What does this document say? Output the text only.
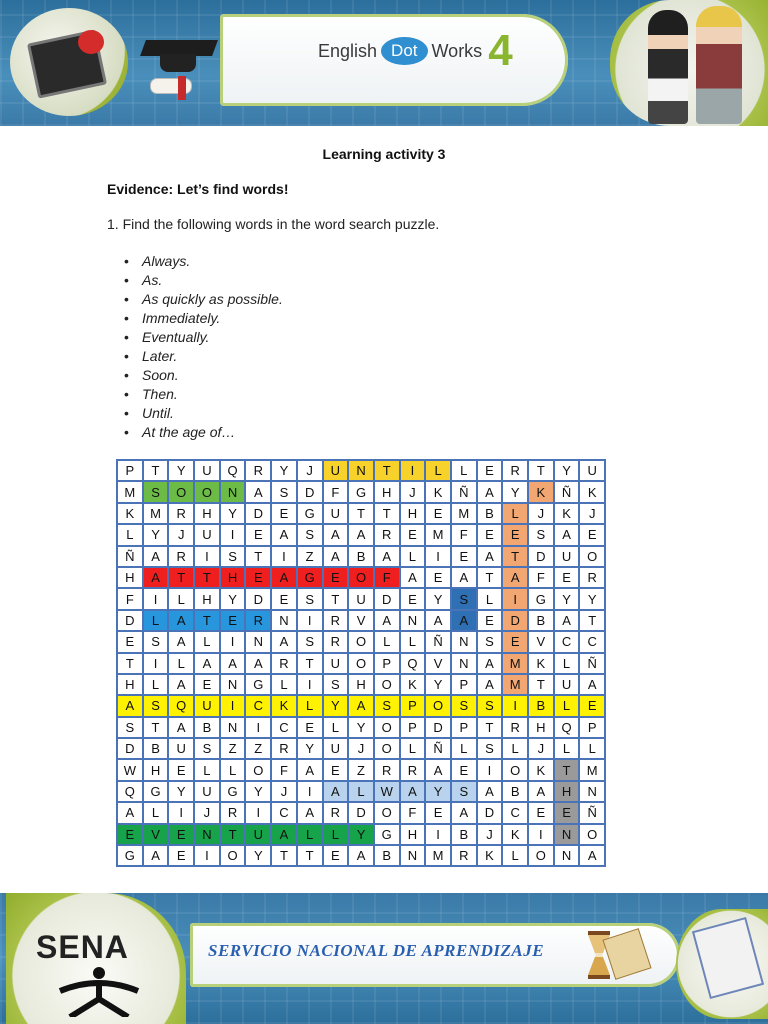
English Dot Works 4
Learning activity 3
Evidence: Let’s find words!
1. Find the following words in the word search puzzle.
• Always.
• As.
• As quickly as possible.
• Immediately.
• Eventually.
• Later.
• Soon.
• Then.
• Until.
• At the age of…
P	T	Y	U	Q	R	Y	J	U	N	T	I	L	L	E	R	T	Y	U
M	S	O	O	N	A	S	D	F	G	H	J	K	Ñ	A	Y	K	Ñ	K
K	M	R	H	Y	D	E	G	U	T	T	H	E	M	B	L	J	K	J
L	Y	J	U	I	E	A	S	A	A	R	E	M	F	E	E	S	A	E
Ñ	A	R	I	S	T	I	Z	A	B	A	L	I	E	A	T	D	U	O
H	A	T	T	H	E	A	G	E	O	F	A	E	A	T	A	F	E	R
F	I	L	H	Y	D	E	S	T	U	D	E	Y	S	L	I	G	Y	Y
D	L	A	T	E	R	N	I	R	V	A	N	A	A	E	D	B	A	T
E	S	A	L	I	N	A	S	R	O	L	L	Ñ	N	S	E	V	C	C
T	I	L	A	A	A	R	T	U	O	P	Q	V	N	A	M	K	L	Ñ
H	L	A	E	N	G	L	I	S	H	O	K	Y	P	A	M	T	U	A
A	S	Q	U	I	C	K	L	Y	A	S	P	O	S	S	I	B	L	E
S	T	A	B	N	I	C	E	L	Y	O	P	D	P	T	R	H	Q	P
D	B	U	S	Z	Z	R	Y	U	J	O	L	Ñ	L	S	L	J	L	L
W	H	E	L	L	O	F	A	E	Z	R	R	A	E	I	O	K	T	M
Q	G	Y	U	G	Y	J	I	A	L	W	A	Y	S	A	B	A	H	N
A	L	I	J	R	I	C	A	R	D	O	F	E	A	D	C	E	E	Ñ
E	V	E	N	T	U	A	L	L	Y	G	H	I	B	J	K	I	N	O
G	A	E	I	O	Y	T	T	E	A	B	N	M	R	K	L	O	N	A
SENA	SERVICIO NACIONAL DE APRENDIZAJE
